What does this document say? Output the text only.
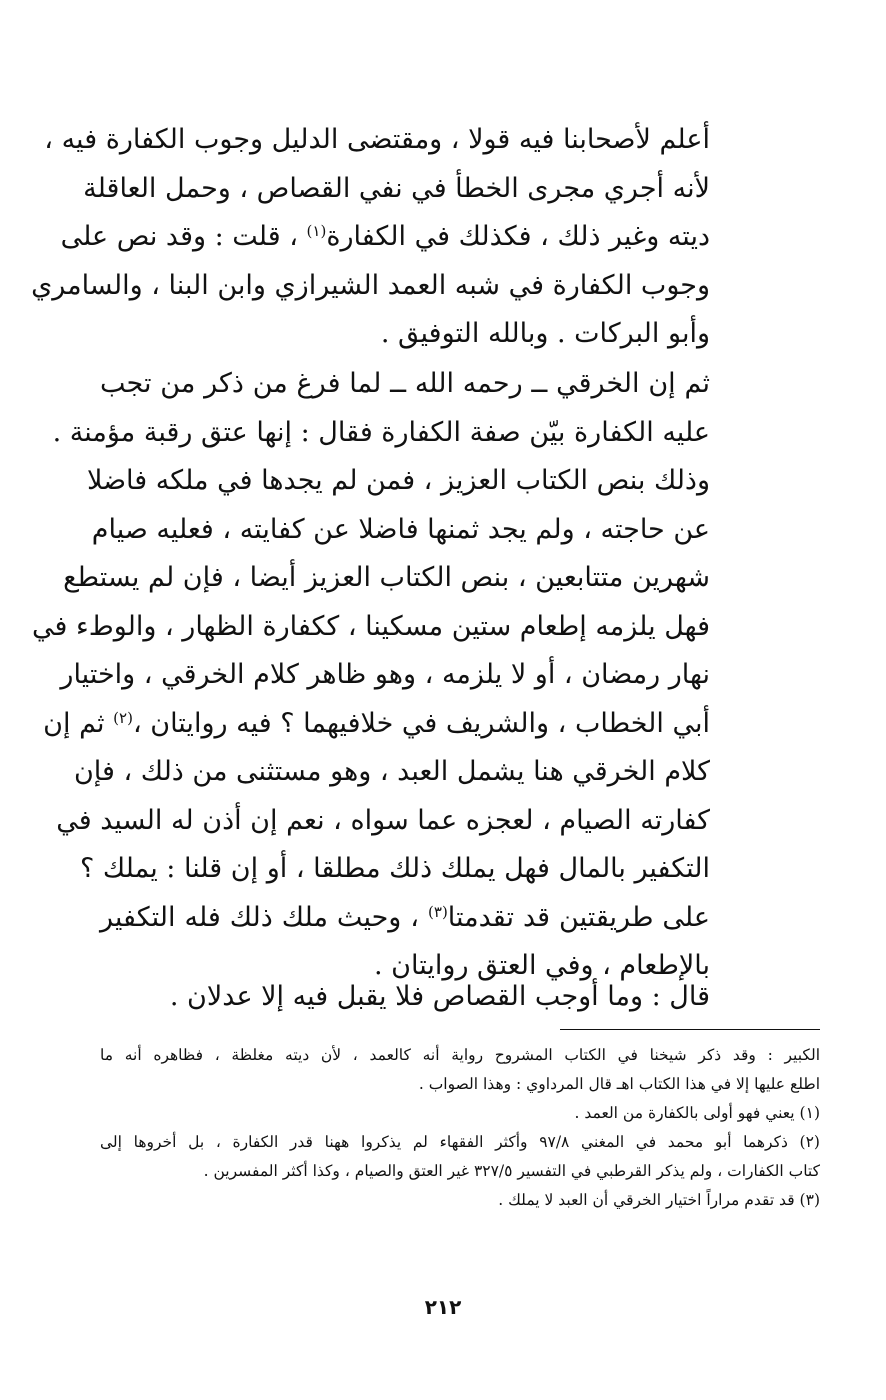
أعلم لأصحابنا فيه قولا ، ومقتضى الدليل وجوب الكفارة فيه ،
لأنه أجري مجرى الخطأ في نفي القصاص ، وحمل العاقلة
ديته وغير ذلك ، فكذلك في الكفارة$^{(١)}$ ، قلت : وقد نص على
وجوب الكفارة في شبه العمد الشيرازي وابن البنا ، والسامري
وأبو البركات . وبالله التوفيق .
ثم إن الخرقي ــ رحمه الله ــ لما فرغ من ذكر من تجب
عليه الكفارة بيّن صفة الكفارة فقال : إنها عتق رقبة مؤمنة .
وذلك بنص الكتاب العزيز ، فمن لم يجدها في ملكه فاضلا
عن حاجته ، ولم يجد ثمنها فاضلا عن كفايته ، فعليه صيام
شهرين متتابعين ، بنص الكتاب العزيز أيضا ، فإن لم يستطع
فهل يلزمه إطعام ستين مسكينا ، ككفارة الظهار ، والوطء في
نهار رمضان ، أو لا يلزمه ، وهو ظاهر كلام الخرقي ، واختيار
أبي الخطاب ، والشريف في خلافيهما ؟ فيه روايتان ،$^{(٢)}$ ثم إن
كلام الخرقي هنا يشمل العبد ، وهو مستثنى من ذلك ، فإن
كفارته الصيام ، لعجزه عما سواه ، نعم إن أذن له السيد في
التكفير بالمال فهل يملك ذلك مطلقا ، أو إن قلنا : يملك ؟
على طريقتين قد تقدمتا$^{(٣)}$ ، وحيث ملك ذلك فله التكفير
بالإطعام ، وفي العتق روايتان .
قال : وما أوجب القصاص فلا يقبل فيه إلا عدلان .
الكبير : وقد ذكر شيخنا في الكتاب المشروح رواية أنه كالعمد ، لأن ديته مغلظة ، فظاهره أنه ما
اطلع عليها إلا في هذا الكتاب اهـ قال المرداوي : وهذا الصواب .
(١) يعني فهو أولى بالكفارة من العمد .
(٢) ذكرهما أبو محمد في المغني ٩٧/٨ وأكثر الفقهاء لم يذكروا ههنا قدر الكفارة ، بل أخروها إلى
كتاب الكفارات ، ولم يذكر القرطبي في التفسير ٣٢٧/٥ غير العتق والصيام ، وكذا أكثر المفسرين .
(٣) قد تقدم مراراً اختيار الخرقي أن العبد لا يملك .
٢١٢
